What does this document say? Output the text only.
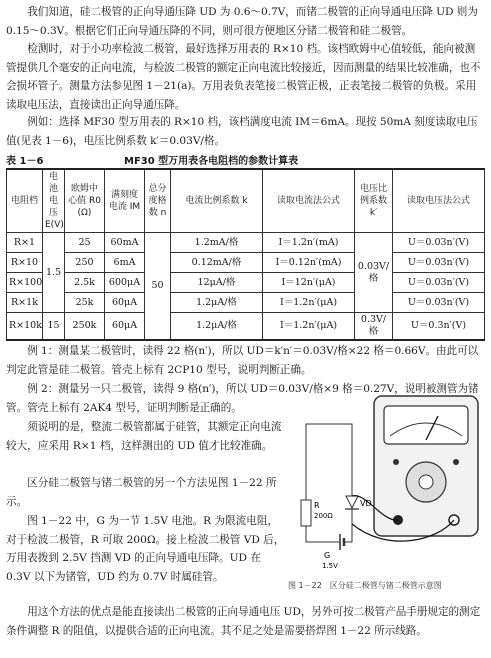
我们知道，硅二极管的正向导通压降 UD 为 0.6～0.7V，而锗二极管的正向导通电压降 UD 则为 0.15～0.3V。根据它们正向导通压降的不同，则可很方便地区分锗二极管和硅二极管。

检测时，对于小功率检波二极管，最好选择万用表的 R×10 档。该档欧姆中心值较低，能向被测管提供几个毫安的正向电流，与检波二极管的额定正向电流比较接近，因而测量的结果比较准确，也不会损坏管子。测量方法参见图 1－21(a)。万用表负表笔接二极管正极，正表笔接二极管的负极。采用读取电压法，直接读出正向导通压降。

例如：选择 MF30 型万用表的 R×10 档，该档满度电流 IM＝6mA。现按 50mA 刻度读取电压值(见表 1－6)，电压比例系数 k′＝0.03V/格。

表 1－6	MF30 型万用表各电阻档的参数计算表
电阻档	电池电压 E(V)	欧姆中心值 R0 (Ω)	满刻度电流 IM	总分度格数 n	电流比例系数 k	读取电流法公式	电压比例系数 k′	读取电压法公式
R×1	1.5	25	60mA	50	1.2mA/格	I＝1.2n′(mA)	0.03V/格	U＝0.03n′(V)
R×10		250	6mA		0.12mA/格	I＝0.12n′(mA)		U＝0.03n′(V)
R×100		2.5k	600μA		12μA/格	I＝12n′(μA)		U＝0.03n′(V)
R×1k		25k	60μA		1.2μA/格	I＝1.2n′(μA)		U＝0.03n′(V)
R×10k	15	250k	60μA		1.2μA/格	I＝1.2n′(μA)	0.3V/格	U＝0.3n′(V)

例 1：测量某二极管时，读得 22 格(n′)，所以 UD＝k′n′＝0.03V/格×22 格＝0.66V。由此可以判定此管是硅二极管。管壳上标有 2CP10 型号，说明判断正确。

例 2：测量另一只二极管，读得 9 格(n′)，所以 UD＝0.03V/格×9 格＝0.27V，说明被测管为锗管。管壳上标有 2AK4 型号，证明判断是正确的。

须说明的是，整流二极管都属于硅管，其额定正向电流较大，应采用 R×1 档，这样测出的 UD 值才比较准确。

区分硅二极管与锗二极管的另一个方法见图 1－22 所示。

图 1－22 中，G 为一节 1.5V 电池。R 为限流电阻，对于检波二极管，R 可取 200Ω。接上检波二极管 VD 后，万用表拨到 2.5V 挡测 VD 的正向导通电压降。UD 在 0.3V 以下为锗管，UD 约为 0.7V 时属硅管。

R
200Ω
VD
G
1.5V
图 1－22　区分硅二极管与锗二极管示意图

用这个方法的优点是能直接读出二极管的正向导通电压 UD，另外可按二极管产品手册规定的测定条件调整 R 的阻值，以提供合适的正向电流。其不足之处是需要搭焊图 1－22 所示线路。
